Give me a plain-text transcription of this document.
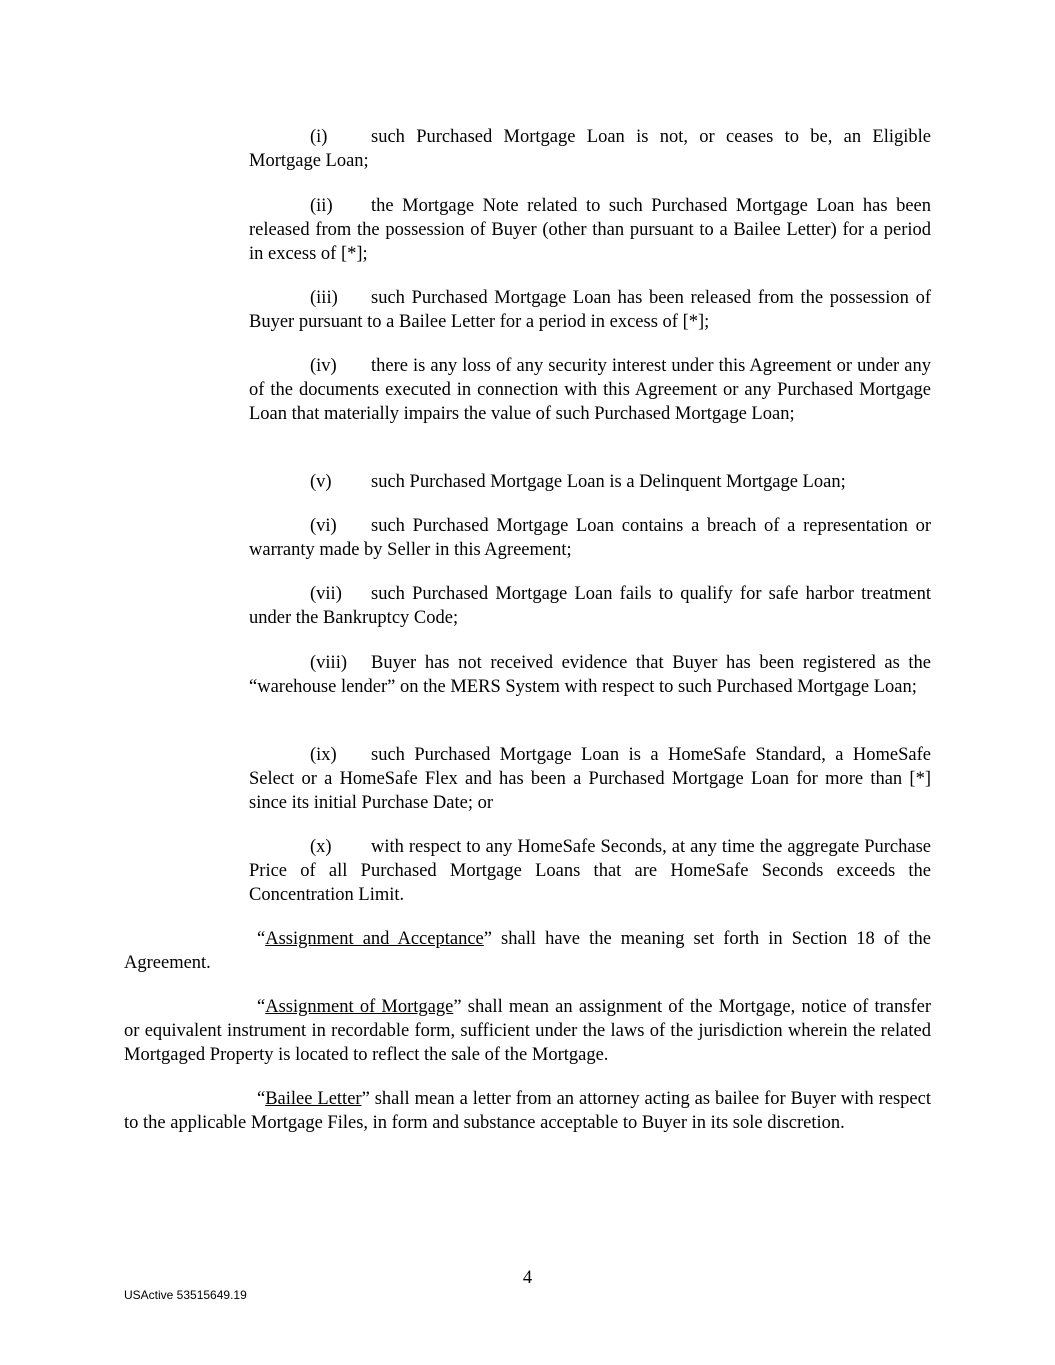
(i) such Purchased Mortgage Loan is not, or ceases to be, an Eligible Mortgage Loan;

(ii) the Mortgage Note related to such Purchased Mortgage Loan has been released from the possession of Buyer (other than pursuant to a Bailee Letter) for a period in excess of [*];

(iii) such Purchased Mortgage Loan has been released from the possession of Buyer pursuant to a Bailee Letter for a period in excess of [*];

(iv) there is any loss of any security interest under this Agreement or under any of the documents executed in connection with this Agreement or any Purchased Mortgage Loan that materially impairs the value of such Purchased Mortgage Loan;

(v) such Purchased Mortgage Loan is a Delinquent Mortgage Loan;

(vi) such Purchased Mortgage Loan contains a breach of a representation or warranty made by Seller in this Agreement;

(vii) such Purchased Mortgage Loan fails to qualify for safe harbor treatment under the Bankruptcy Code;

(viii) Buyer has not received evidence that Buyer has been registered as the “warehouse lender” on the MERS System with respect to such Purchased Mortgage Loan;

(ix) such Purchased Mortgage Loan is a HomeSafe Standard, a HomeSafe Select or a HomeSafe Flex and has been a Purchased Mortgage Loan for more than [*] since its initial Purchase Date; or

(x) with respect to any HomeSafe Seconds, at any time the aggregate Purchase Price of all Purchased Mortgage Loans that are HomeSafe Seconds exceeds the Concentration Limit.

“Assignment and Acceptance” shall have the meaning set forth in Section 18 of the Agreement.

“Assignment of Mortgage” shall mean an assignment of the Mortgage, notice of transfer or equivalent instrument in recordable form, sufficient under the laws of the jurisdiction wherein the related Mortgaged Property is located to reflect the sale of the Mortgage.

“Bailee Letter” shall mean a letter from an attorney acting as bailee for Buyer with respect to the applicable Mortgage Files, in form and substance acceptable to Buyer in its sole discretion.

4
USActive 53515649.19
